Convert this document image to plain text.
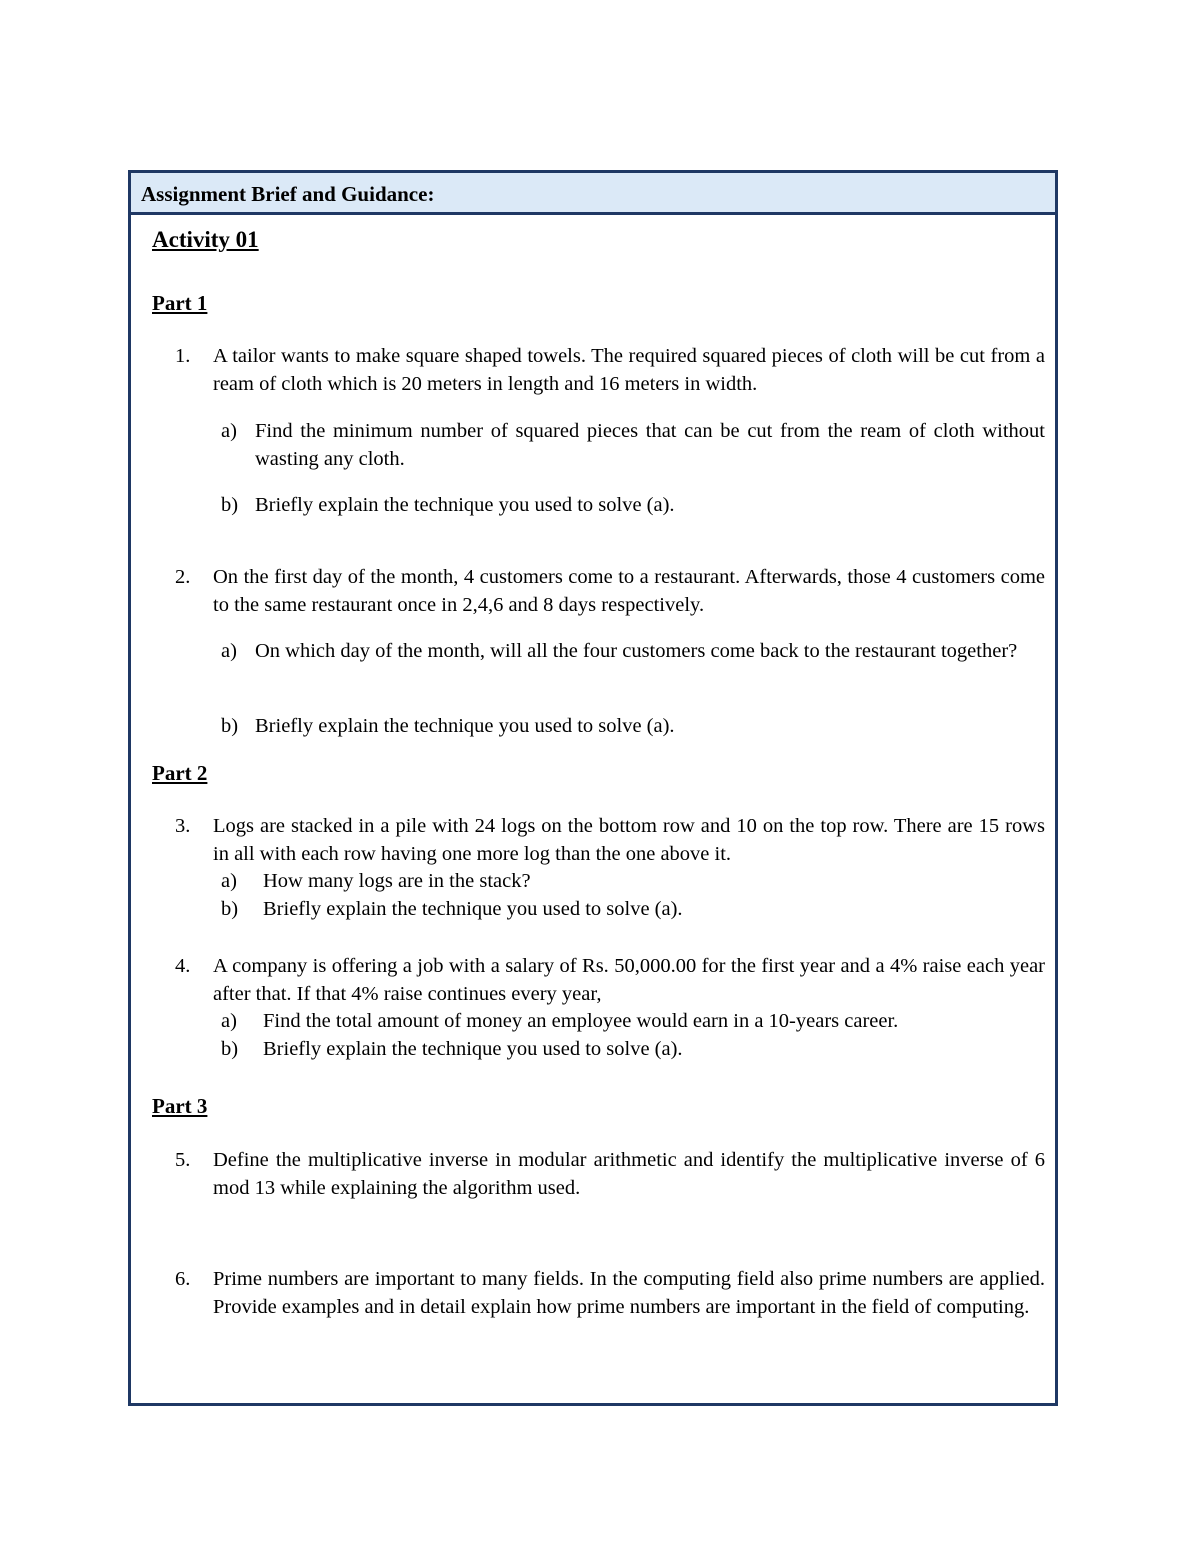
Assignment Brief and Guidance:
Activity 01
Part 1
1. A tailor wants to make square shaped towels. The required squared pieces of cloth will be cut from a ream of cloth which is 20 meters in length and 16 meters in width.
a) Find the minimum number of squared pieces that can be cut from the ream of cloth without wasting any cloth.
b) Briefly explain the technique you used to solve (a).
2. On the first day of the month, 4 customers come to a restaurant. Afterwards, those 4 customers come to the same restaurant once in 2,4,6 and 8 days respectively.
a) On which day of the month, will all the four customers come back to the restaurant together?
b) Briefly explain the technique you used to solve (a).
Part 2
3. Logs are stacked in a pile with 24 logs on the bottom row and 10 on the top row. There are 15 rows in all with each row having one more log than the one above it.
a) How many logs are in the stack?
b) Briefly explain the technique you used to solve (a).
4. A company is offering a job with a salary of Rs. 50,000.00 for the first year and a 4% raise each year after that. If that 4% raise continues every year,
a) Find the total amount of money an employee would earn in a 10-years career.
b) Briefly explain the technique you used to solve (a).
Part 3
5. Define the multiplicative inverse in modular arithmetic and identify the multiplicative inverse of 6 mod 13 while explaining the algorithm used.
6. Prime numbers are important to many fields. In the computing field also prime numbers are applied. Provide examples and in detail explain how prime numbers are important in the field of computing.
